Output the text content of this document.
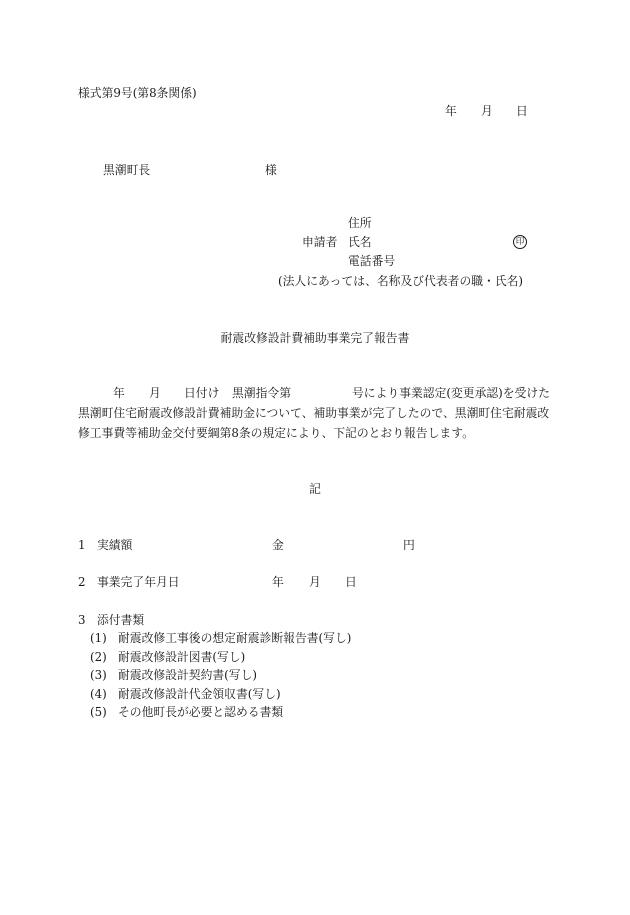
様式第9号(第8条関係)
年 月 日
黒潮町長	様
住所
申請者 氏名	印
電話番号
(法人にあっては、名称及び代表者の職・氏名)
耐震改修設計費補助事業完了報告書
年 月 日付け 黒潮指令第	号により事業認定(変更承認)を受けた
黒潮町住宅耐震改修設計費補助金について、補助事業が完了したので、黒潮町住宅耐震改
修工事費等補助金交付要綱第8条の規定により、下記のとおり報告します。
記
1 実績額	金	円
2 事業完了年月日	年 月 日
3 添付書類
(1) 耐震改修工事後の想定耐震診断報告書(写し)
(2) 耐震改修設計図書(写し)
(3) 耐震改修設計契約書(写し)
(4) 耐震改修設計代金領収書(写し)
(5) その他町長が必要と認める書類
